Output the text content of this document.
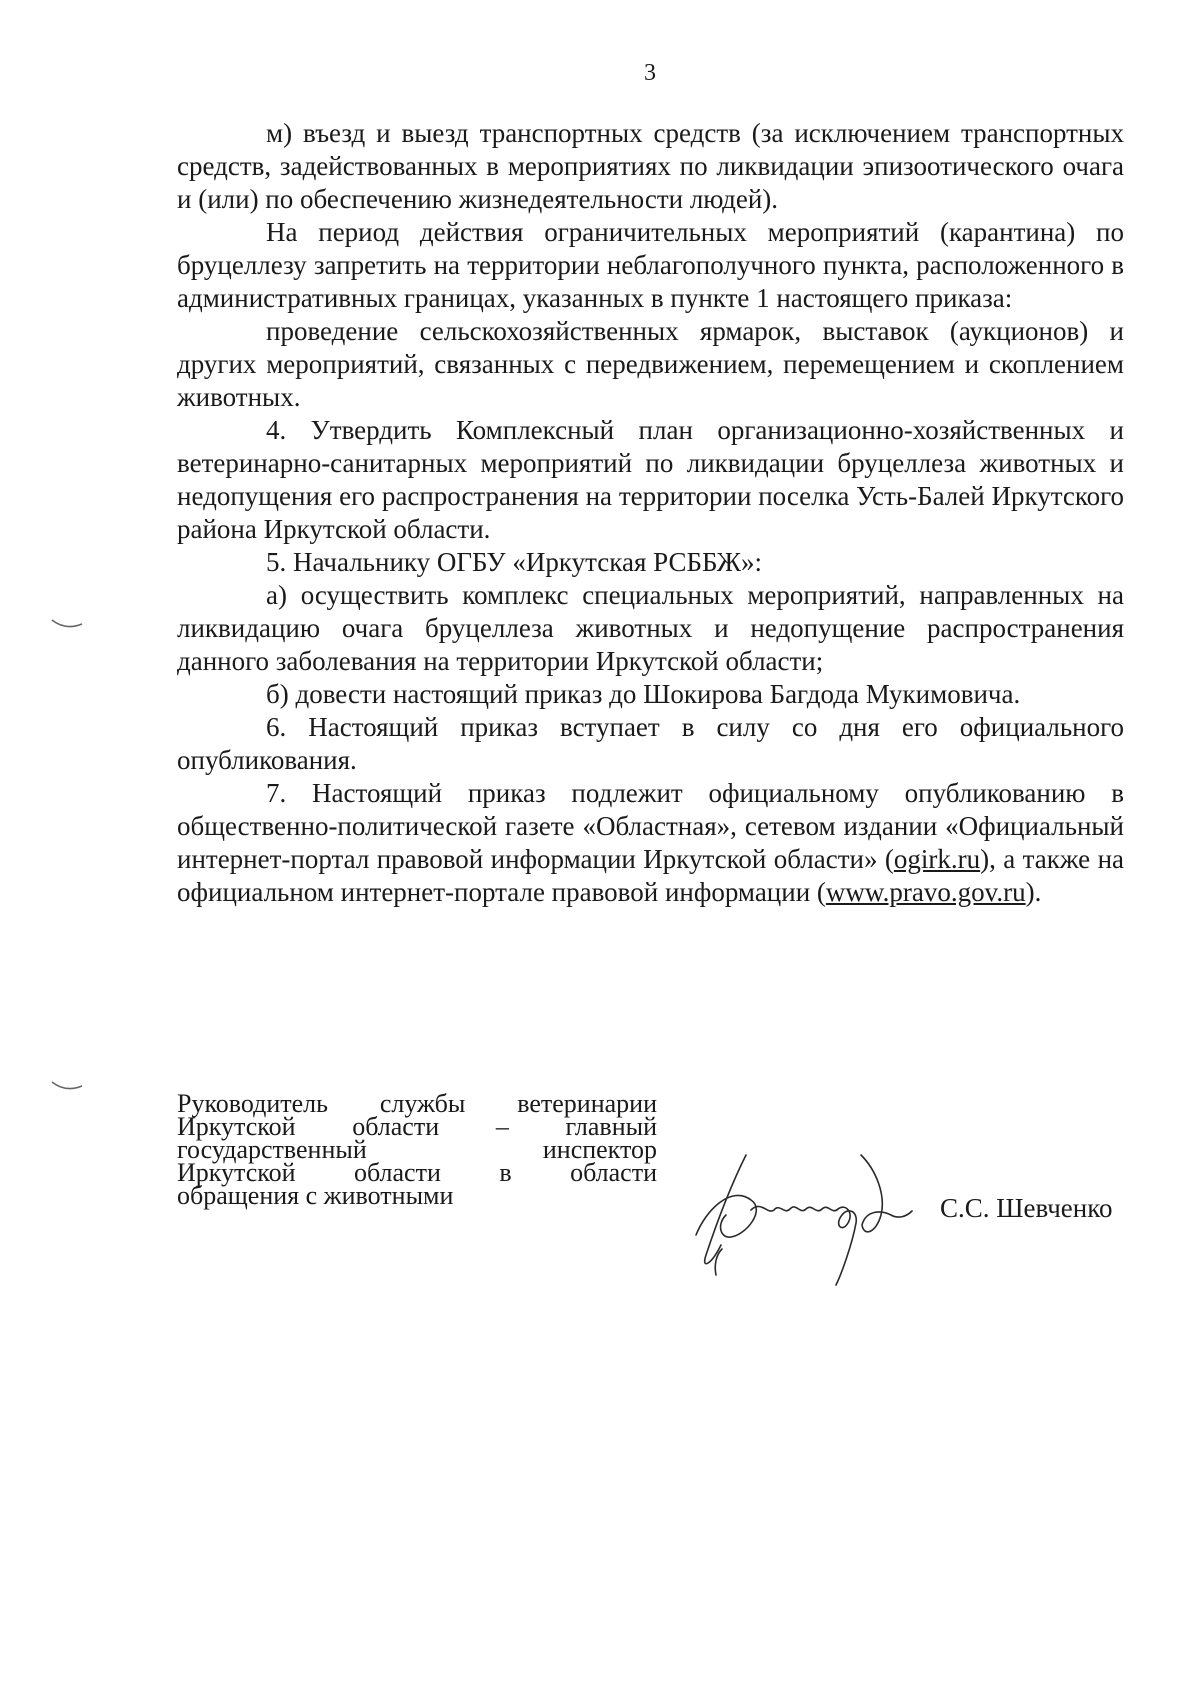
3

м) въезд и выезд транспортных средств (за исключением транспортных средств, задействованных в мероприятиях по ликвидации эпизоотического очага и (или) по обеспечению жизнедеятельности людей).

На период действия ограничительных мероприятий (карантина) по бруцеллезу запретить на территории неблагополучного пункта, расположенного в административных границах, указанных в пункте 1 настоящего приказа:

проведение сельскохозяйственных ярмарок, выставок (аукционов) и других мероприятий, связанных с передвижением, перемещением и скоплением животных.

4. Утвердить Комплексный план организационно-хозяйственных и ветеринарно-санитарных мероприятий по ликвидации бруцеллеза животных и недопущения его распространения на территории поселка Усть-Балей Иркутского района Иркутской области.

5. Начальнику ОГБУ «Иркутская РСББЖ»:

а) осуществить комплекс специальных мероприятий, направленных на ликвидацию очага бруцеллеза животных и недопущение распространения данного заболевания на территории Иркутской области;

б) довести настоящий приказ до Шокирова Багдода Мукимовича.

6. Настоящий приказ вступает в силу со дня его официального опубликования.

7. Настоящий приказ подлежит официальному опубликованию в общественно-политической газете «Областная», сетевом издании «Официальный интернет-портал правовой информации Иркутской области» (ogirk.ru), а также на официальном интернет-портале правовой информации (www.pravo.gov.ru).

Руководитель службы ветеринарии
Иркутской области – главный
государственный инспектор
Иркутской области в области
обращения с животными	С.С. Шевченко
